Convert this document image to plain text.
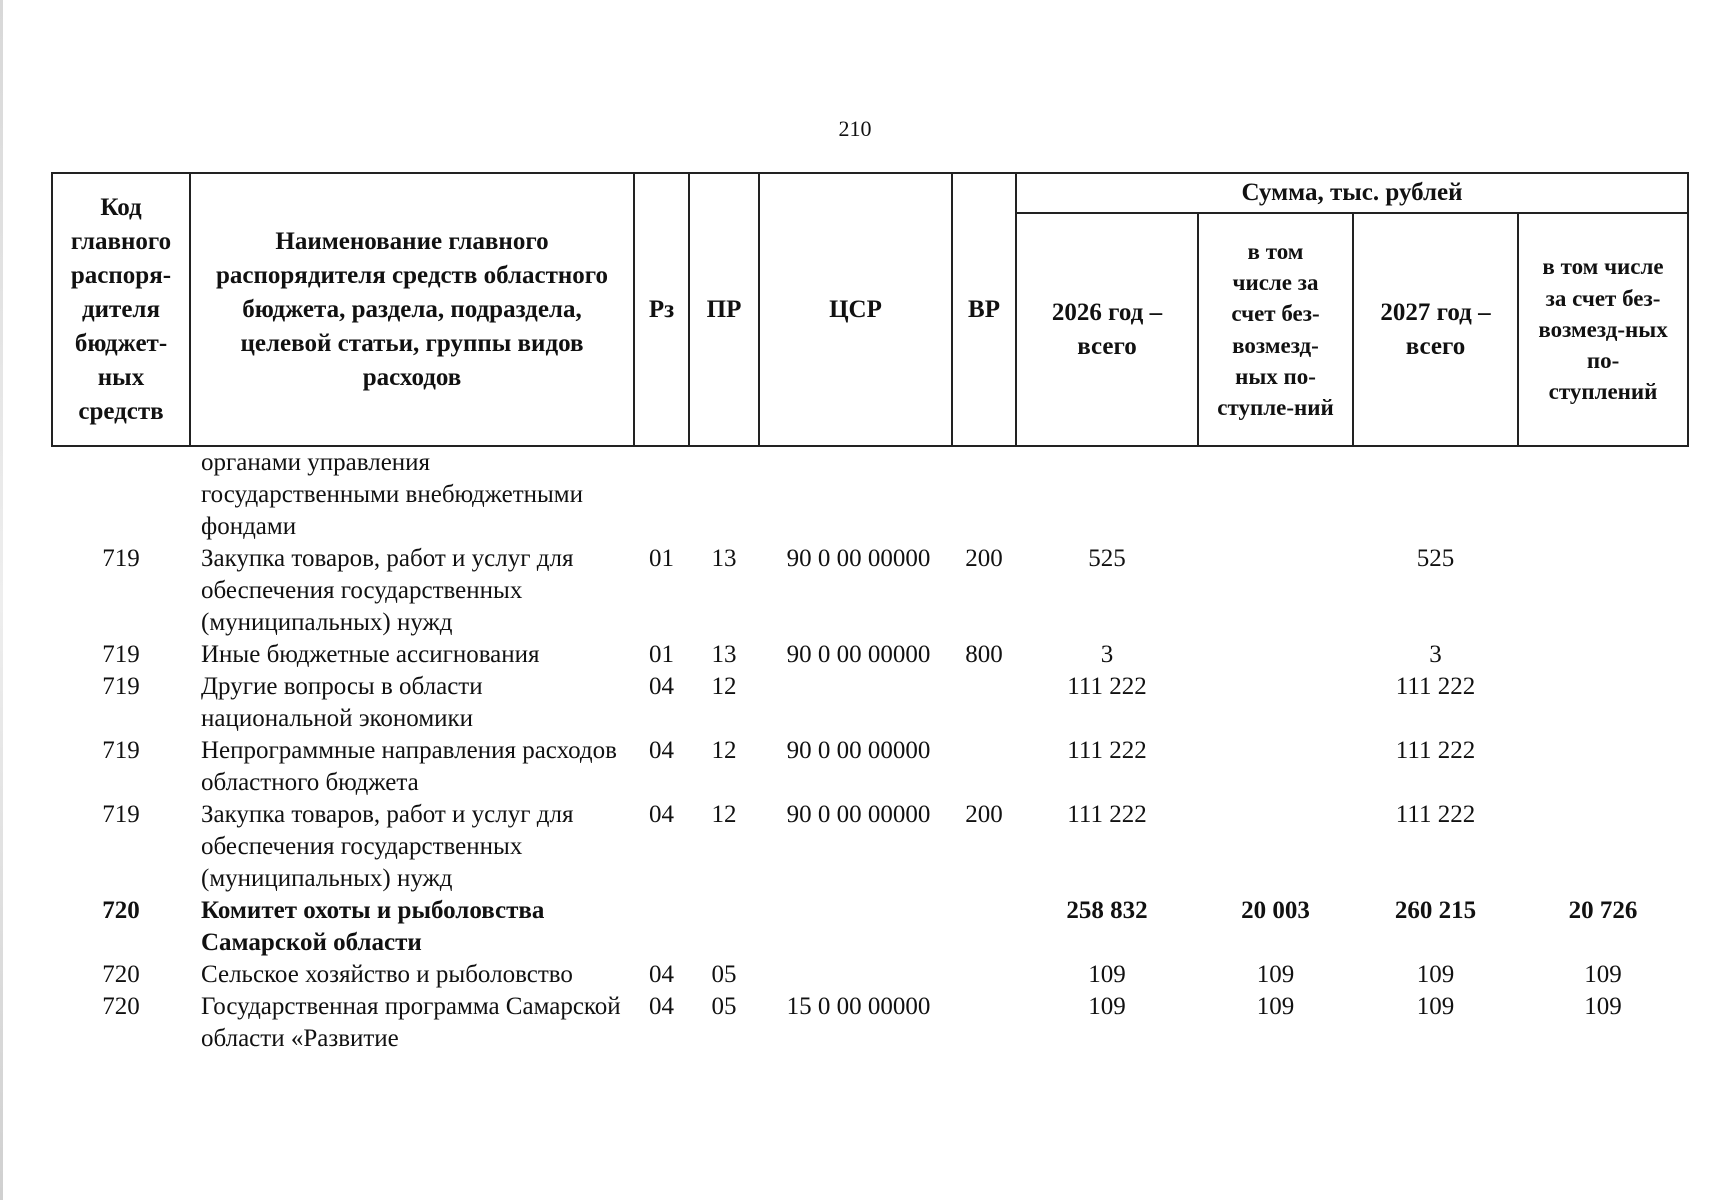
210
Код главного распоря-дителя бюджет-ных средств	Наименование главного распорядителя средств областного бюджета, раздела, подраздела, целевой статьи, группы видов расходов	Рз	ПР	ЦСР	ВР	Сумма, тыс. рублей			
						2026 год – всего	в том числе за счет без-возмезд-ных по-ступле-ний	2027 год – всего	в том числе за счет без-возмезд-ных по-ступлений
	органами управления государственными внебюджетными фондами								
719	Закупка товаров, работ и услуг для обеспечения государственных (муниципальных) нужд	01	13	90 0 00 00000	200	525		525	
719	Иные бюджетные ассигнования	01	13	90 0 00 00000	800	3		3	
719	Другие вопросы в области национальной экономики	04	12			111 222		111 222	
719	Непрограммные направления расходов областного бюджета	04	12	90 0 00 00000		111 222		111 222	
719	Закупка товаров, работ и услуг для обеспечения государственных (муниципальных) нужд	04	12	90 0 00 00000	200	111 222		111 222	
720	Комитет охоты и рыболовства Самарской области					258 832	20 003	260 215	20 726
720	Сельское хозяйство и рыболовство	04	05			109	109	109	109
720	Государственная программа Самарской области «Развитие	04	05	15 0 00 00000		109	109	109	109
